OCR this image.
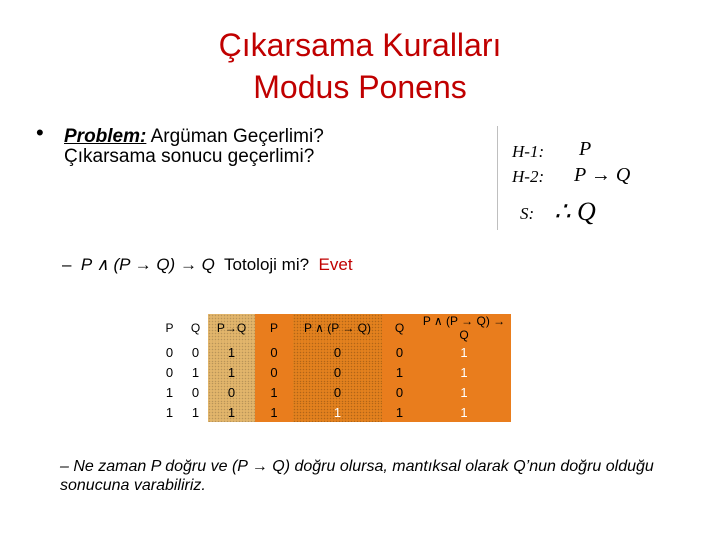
Çıkarsama Kuralları
Modus Ponens
• Problem: Argüman Geçerlimi?
Çıkarsama sonucu geçerlimi?	H-1: P
H-2: P → Q
S: ∴ Q
– P ∧ (P → Q) → Q Totoloji mi? Evet
P	Q	P→Q	P	P ∧ (P → Q)	Q	P ∧ (P → Q) → Q
0	0	1	0	0	0	1
0	1	1	0	0	1	1
1	0	0	1	0	0	1
1	1	1	1	1	1	1
– Ne zaman P doğru ve (P → Q) doğru olursa, mantıksal olarak Q’nun doğru olduğu sonucuna varabiliriz.
